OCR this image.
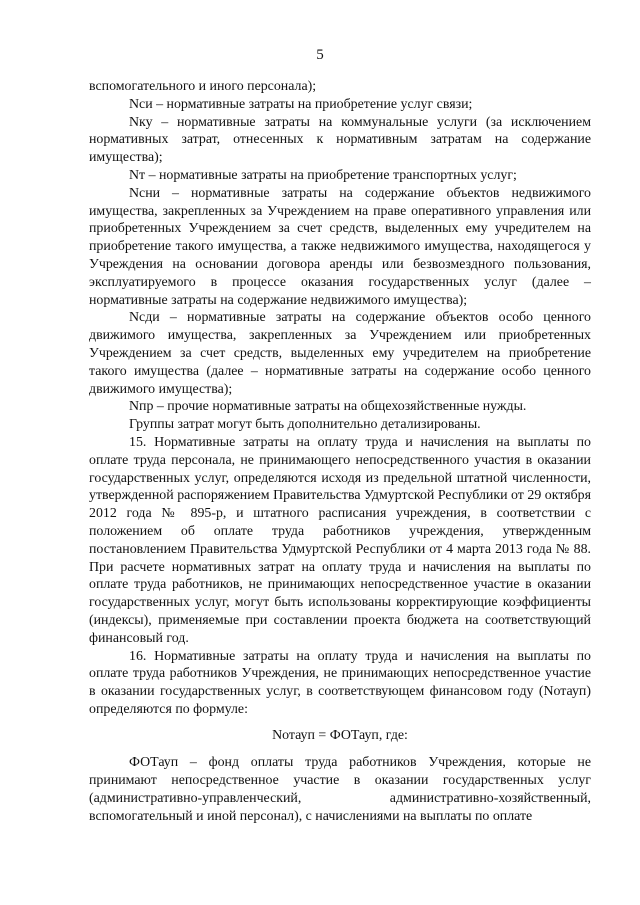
5

вспомогательного и иного персонала);

Nси – нормативные затраты на приобретение услуг связи;

Nку – нормативные затраты на коммунальные услуги (за исключением нормативных затрат, отнесенных к нормативным затратам на содержание имущества);

Nт – нормативные затраты на приобретение транспортных услуг;

Nсни – нормативные затраты на содержание объектов недвижимого имущества, закрепленных за Учреждением на праве оперативного управления или приобретенных Учреждением за счет средств, выделенных ему учредителем на приобретение такого имущества, а также недвижимого имущества, находящегося у Учреждения на основании договора аренды или безвозмездного пользования, эксплуатируемого в процессе оказания государственных услуг (далее – нормативные затраты на содержание недвижимого имущества);

Nсди – нормативные затраты на содержание объектов особо ценного движимого имущества, закрепленных за Учреждением или приобретенных Учреждением за счет средств, выделенных ему учредителем на приобретение такого имущества (далее – нормативные затраты на содержание особо ценного движимого имущества);

Nпр – прочие нормативные затраты на общехозяйственные нужды.

Группы затрат могут быть дополнительно детализированы.

15. Нормативные затраты на оплату труда и начисления на выплаты по оплате труда персонала, не принимающего непосредственного участия в оказании государственных услуг, определяются исходя из предельной штатной численности, утвержденной распоряжением Правительства Удмуртской Республики от 29 октября 2012 года № 895-р, и штатного расписания учреждения, в соответствии с положением об оплате труда работников учреждения, утвержденным постановлением Правительства Удмуртской Республики от 4 марта 2013 года № 88. При расчете нормативных затрат на оплату труда и начисления на выплаты по оплате труда работников, не принимающих непосредственное участие в оказании государственных услуг, могут быть использованы корректирующие коэффициенты (индексы), применяемые при составлении проекта бюджета на соответствующий финансовый год.

16. Нормативные затраты на оплату труда и начисления на выплаты по оплате труда работников Учреждения, не принимающих непосредственное участие в оказании государственных услуг, в соответствующем финансовом году (Nотауп) определяются по формуле:

Nотауп = ФОТауп, где:

ФОТауп – фонд оплаты труда работников Учреждения, которые не принимают непосредственное участие в оказании государственных услуг (административно-управленческий, административно-хозяйственный, вспомогательный и иной персонал), с начислениями на выплаты по оплате
